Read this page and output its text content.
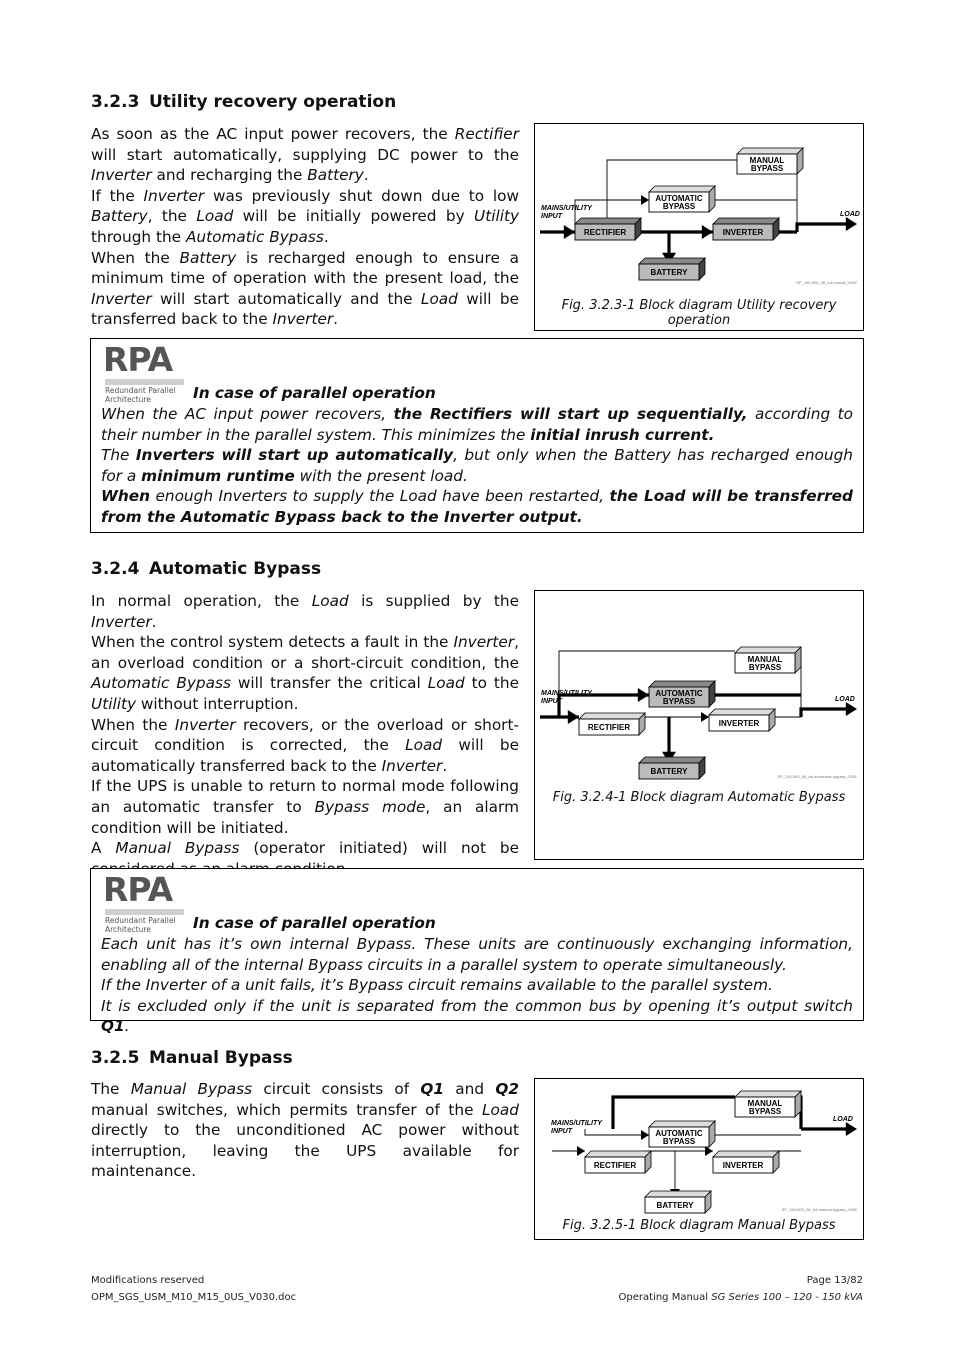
3.2.3 Utility recovery operation

As soon as the AC input power recovers, the Rectifier will start automatically, supplying DC power to the Inverter and recharging the Battery.

If the Inverter was previously shut down due to low Battery, the Load will be initially powered by Utility through the Automatic Bypass.

When the Battery is recharged enough to ensure a minimum time of operation with the present load, the Inverter will start automatically and the Load will be transferred back to the Inverter.

MANUAL
BYPASS
AUTOMATIC
BYPASS
RECTIFIER	INVERTER
BATTERY
MAINS/UTILITY
INPUT	LOAD
SP_150-500_06_bd-normal_010E
Fig. 3.2.3-1 Block diagram Utility recovery operation
RPA
Redundant Parallel Architecture	In case of parallel operation

When the AC input power recovers, the Rectifiers will start up sequentially, according to their number in the parallel system. This minimizes the initial inrush current.

The Inverters will start up automatically, but only when the Battery has recharged enough for a minimum runtime with the present load.

When enough Inverters to supply the Load have been restarted, the Load will be transferred from the Automatic Bypass back to the Inverter output.

3.2.4 Automatic Bypass

In normal operation, the Load is supplied by the Inverter.

When the control system detects a fault in the Inverter, an overload condition or a short-circuit condition, the Automatic Bypass will transfer the critical Load to the Utility without interruption.

When the Inverter recovers, or the overload or short-circuit condition is corrected, the Load will be automatically transferred back to the Inverter.

If the UPS is unable to return to normal mode following an automatic transfer to Bypass mode, an alarm condition will be initiated.

A Manual Bypass (operator initiated) will not be

MANUAL
BYPASS
AUTOMATIC
BYPASS
RECTIFIER	INVERTER
BATTERY
MAINS/UTILITY
INPUT	LOAD
SP_150-500_06_bd-automatic bypass_010E
Fig. 3.2.4-1 Block diagram Automatic Bypass
RPA
Redundant Parallel Architecture	In case of parallel operation

Each unit has it’s own internal Bypass. These units are continuously exchanging information, enabling all of the internal Bypass circuits in a parallel system to operate simultaneously.

If the Inverter of a unit fails, it’s Bypass circuit remains available to the parallel system.

It is excluded only if the unit is separated from the common bus by opening it’s output switch Q1.

3.2.5 Manual Bypass

The Manual Bypass circuit consists of Q1 and Q2 manual switches, which permits transfer of the Load directly to the unconditioned AC power without interruption, leaving the UPS available for maintenance.

MANUAL
BYPASS
AUTOMATIC
BYPASS
RECTIFIER	INVERTER
BATTERY
MAINS/UTILITY
INPUT
LOAD
SP_150-500_06_bd-manual bypass_010E
Fig. 3.2.5-1 Block diagram Manual Bypass
Modifications reserved
OPM_SGS_USM_M10_M15_0US_V030.doc
Page 13/82
Operating Manual SG Series 100 – 120 - 150 kVA
